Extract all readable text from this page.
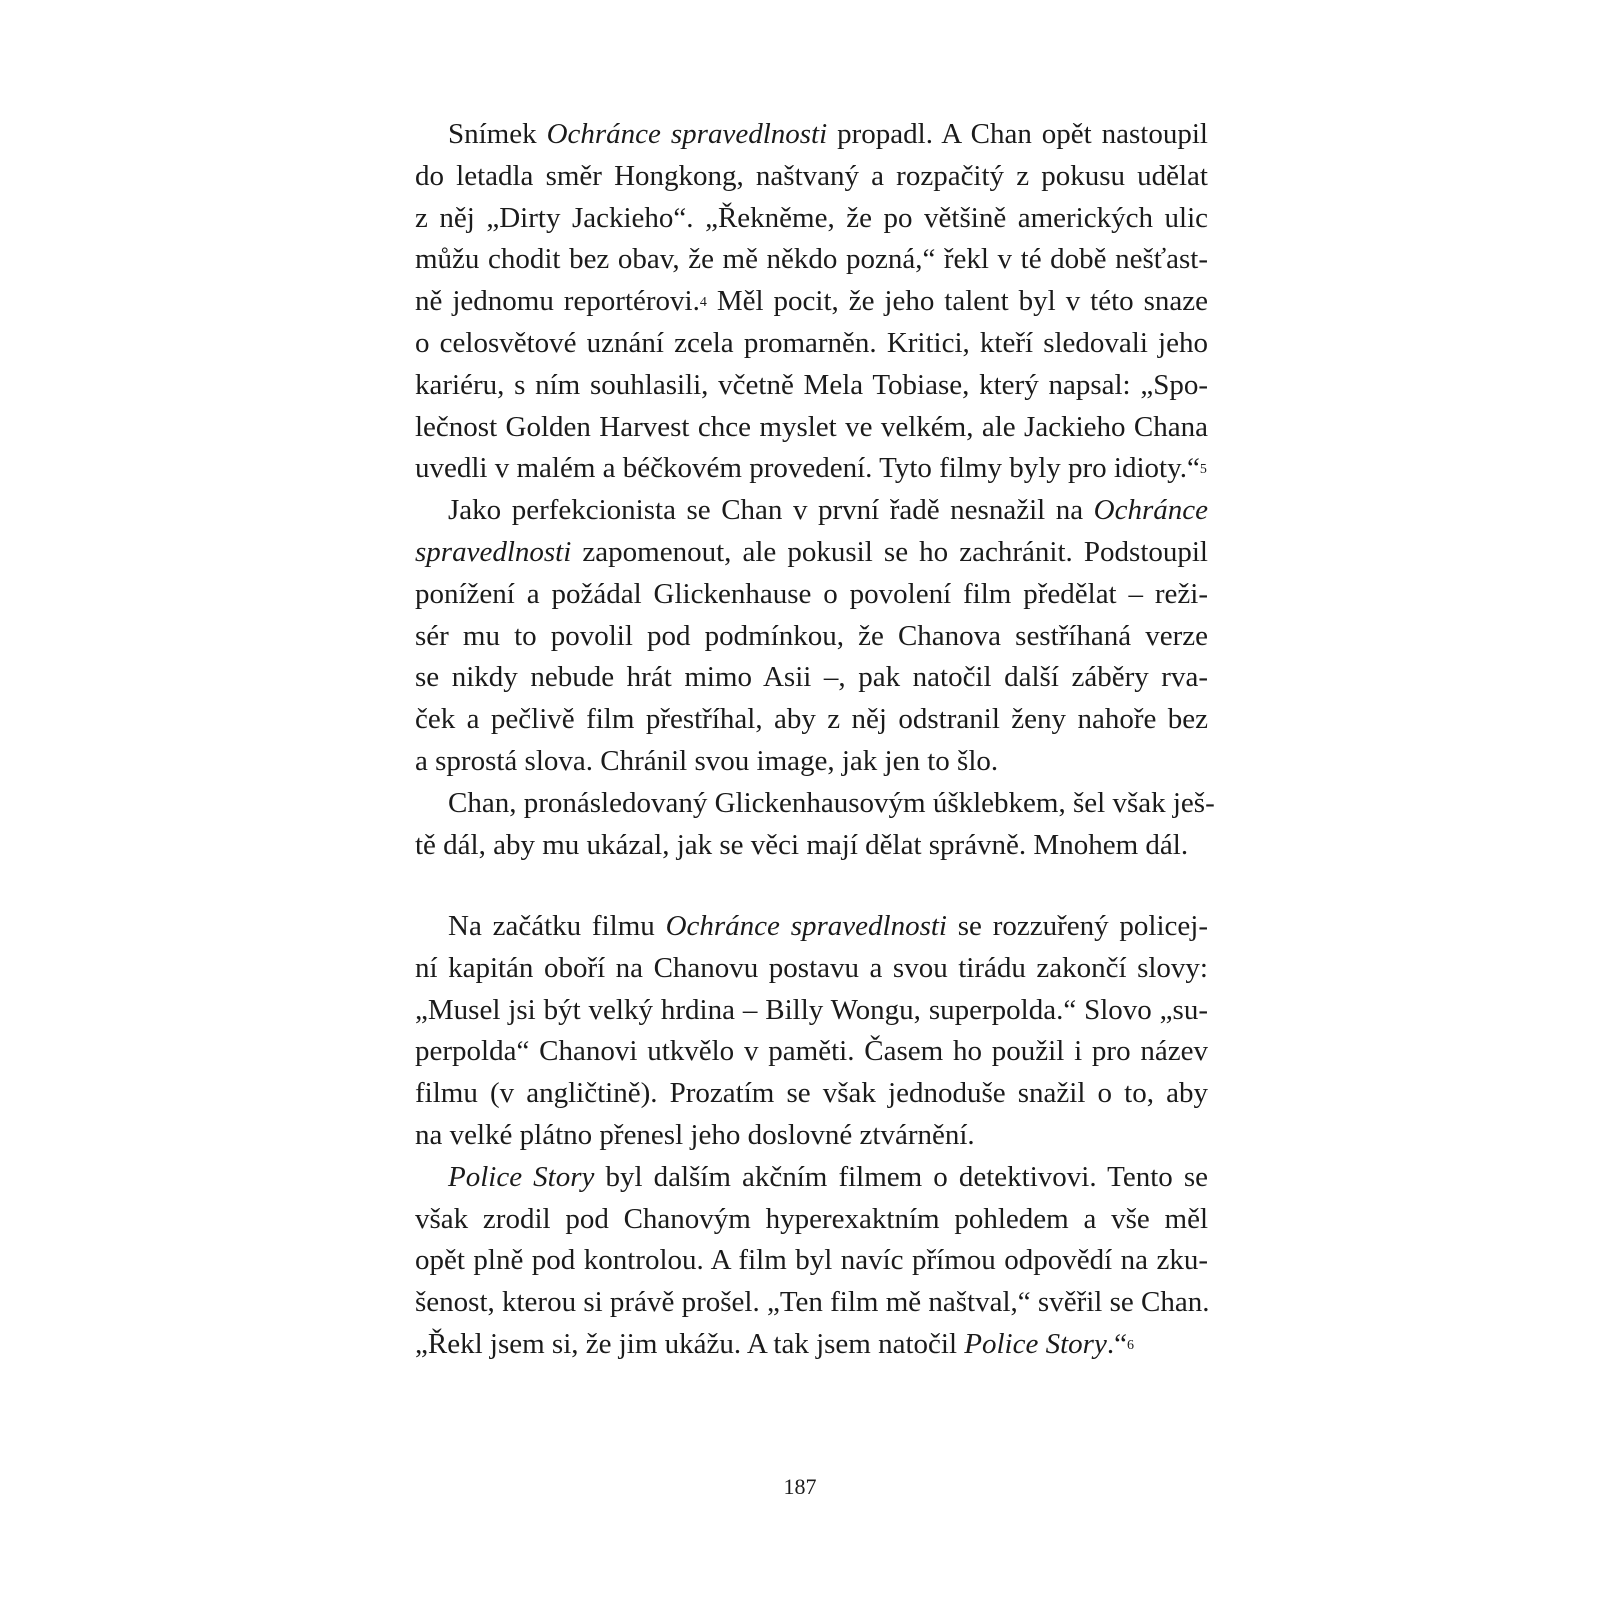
Snímek Ochránce spravedlnosti propadl. A Chan opět nastoupil
do letadla směr Hongkong, naštvaný a rozpačitý z pokusu udělat
z něj „Dirty Jackieho“. „Řekněme, že po většině amerických ulic
můžu chodit bez obav, že mě někdo pozná,“ řekl v té době nešťast-
ně jednomu reportérovi.$^4$ Měl pocit, že jeho talent byl v této snaze
o celosvětové uznání zcela promarněn. Kritici, kteří sledovali jeho
kariéru, s ním souhlasili, včetně Mela Tobiase, který napsal: „Spo-
lečnost Golden Harvest chce myslet ve velkém, ale Jackieho Chana
uvedli v malém a béčkovém provedení. Tyto filmy byly pro idioty.“$^5$

Jako perfekcionista se Chan v první řadě nesnažil na Ochránce
spravedlnosti zapomenout, ale pokusil se ho zachránit. Podstoupil
ponížení a požádal Glickenhause o povolení film předělat – reži-
sér mu to povolil pod podmínkou, že Chanova sestříhaná verze
se nikdy nebude hrát mimo Asii –, pak natočil další záběry rva-
ček a pečlivě film přestříhal, aby z něj odstranil ženy nahoře bez
a sprostá slova. Chránil svou image, jak jen to šlo.

Chan, pronásledovaný Glickenhausovým úšklebkem, šel však ješ-
tě dál, aby mu ukázal, jak se věci mají dělat správně. Mnohem dál.

Na začátku filmu Ochránce spravedlnosti se rozzuřený policej-
ní kapitán oboří na Chanovu postavu a svou tirádu zakončí slovy:
„Musel jsi být velký hrdina – Billy Wongu, superpolda.“ Slovo „su-
perpolda“ Chanovi utkvělo v paměti. Časem ho použil i pro název
filmu (v angličtině). Prozatím se však jednoduše snažil o to, aby
na velké plátno přenesl jeho doslovné ztvárnění.

Police Story byl dalším akčním filmem o detektivovi. Tento se
však zrodil pod Chanovým hyperexaktním pohledem a vše měl
opět plně pod kontrolou. A film byl navíc přímou odpovědí na zku-
šenost, kterou si právě prošel. „Ten film mě naštval,“ svěřil se Chan.
„Řekl jsem si, že jim ukážu. A tak jsem natočil Police Story.“$^6$

187
